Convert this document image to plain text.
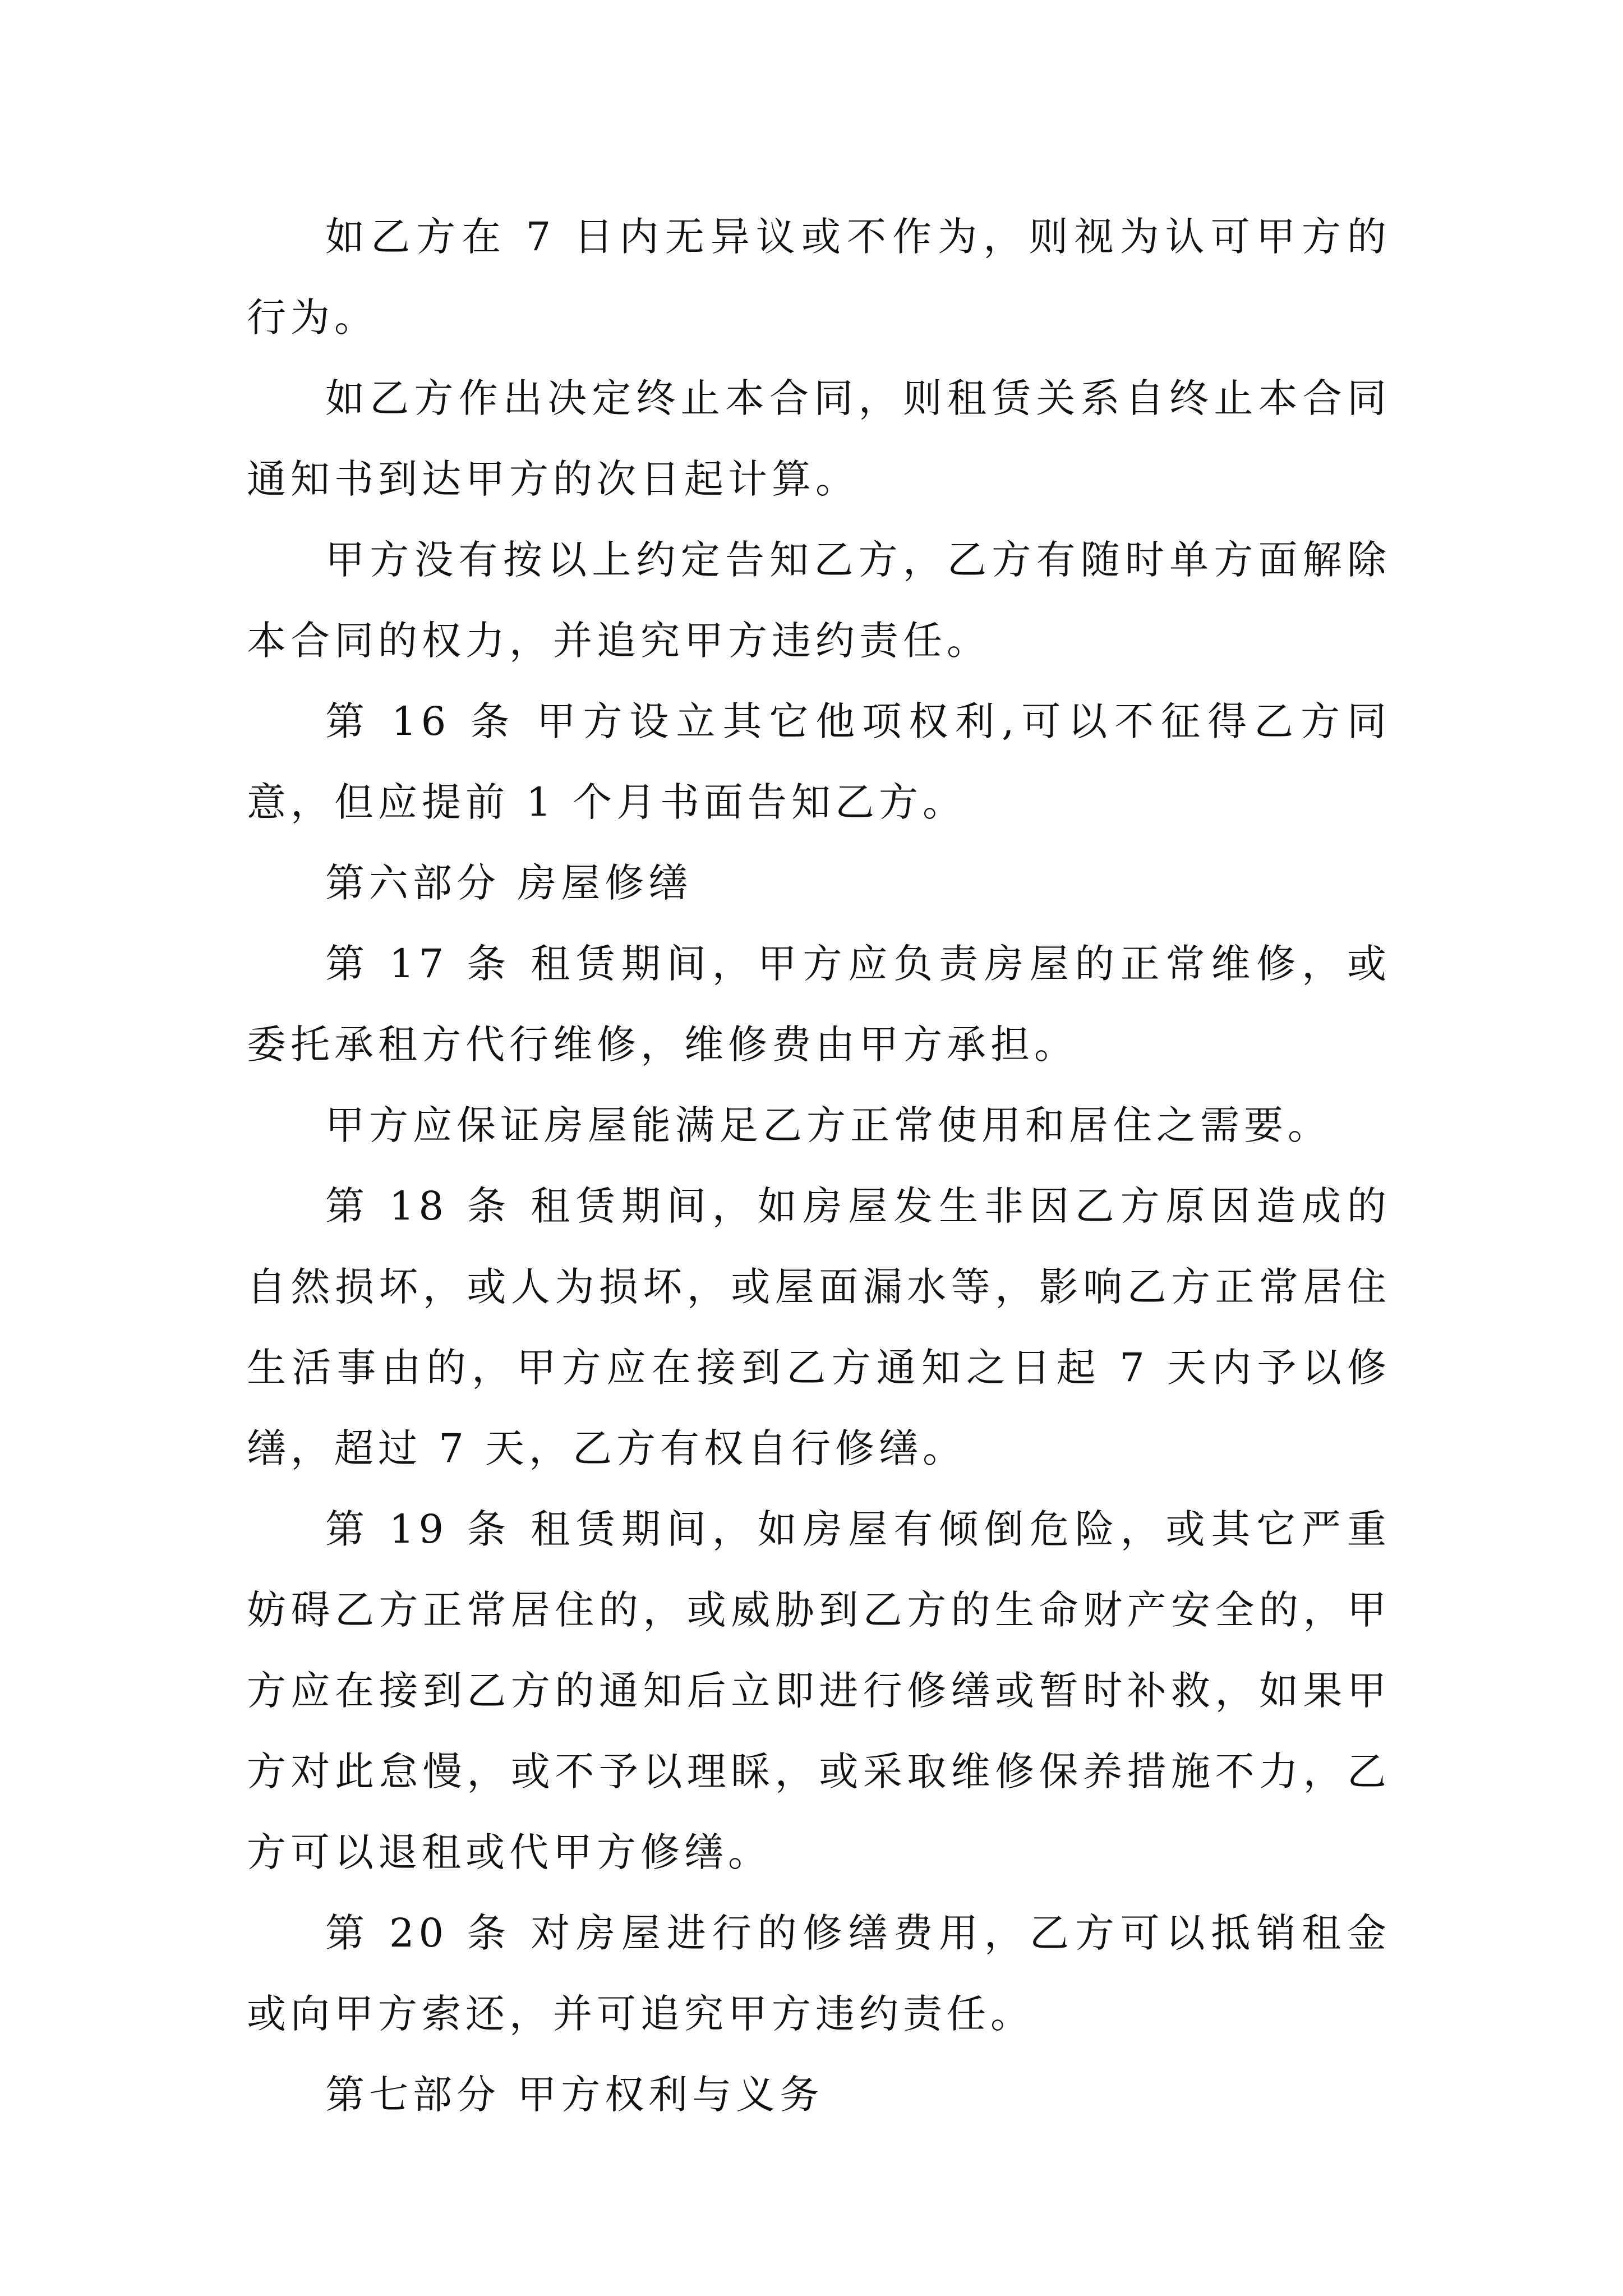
如乙方在 7 日内无异议或不作为，则视为认可甲方的行为。

如乙方作出决定终止本合同，则租赁关系自终止本合同通知书到达甲方的次日起计算。

甲方没有按以上约定告知乙方，乙方有随时单方面解除本合同的权力，并追究甲方违约责任。

第 16 条 甲方设立其它他项权利,可以不征得乙方同意，但应提前 1 个月书面告知乙方。

第六部分 房屋修缮

第 17 条 租赁期间，甲方应负责房屋的正常维修，或委托承租方代行维修，维修费由甲方承担。

甲方应保证房屋能满足乙方正常使用和居住之需要。

第 18 条 租赁期间，如房屋发生非因乙方原因造成的自然损坏，或人为损坏，或屋面漏水等，影响乙方正常居住生活事由的，甲方应在接到乙方通知之日起 7 天内予以修缮，超过 7 天，乙方有权自行修缮。

第 19 条 租赁期间，如房屋有倾倒危险，或其它严重妨碍乙方正常居住的，或威胁到乙方的生命财产安全的，甲方应在接到乙方的通知后立即进行修缮或暂时补救，如果甲方对此怠慢，或不予以理睬，或采取维修保养措施不力，乙方可以退租或代甲方修缮。

第 20 条 对房屋进行的修缮费用，乙方可以抵销租金或向甲方索还，并可追究甲方违约责任。

第七部分 甲方权利与义务
